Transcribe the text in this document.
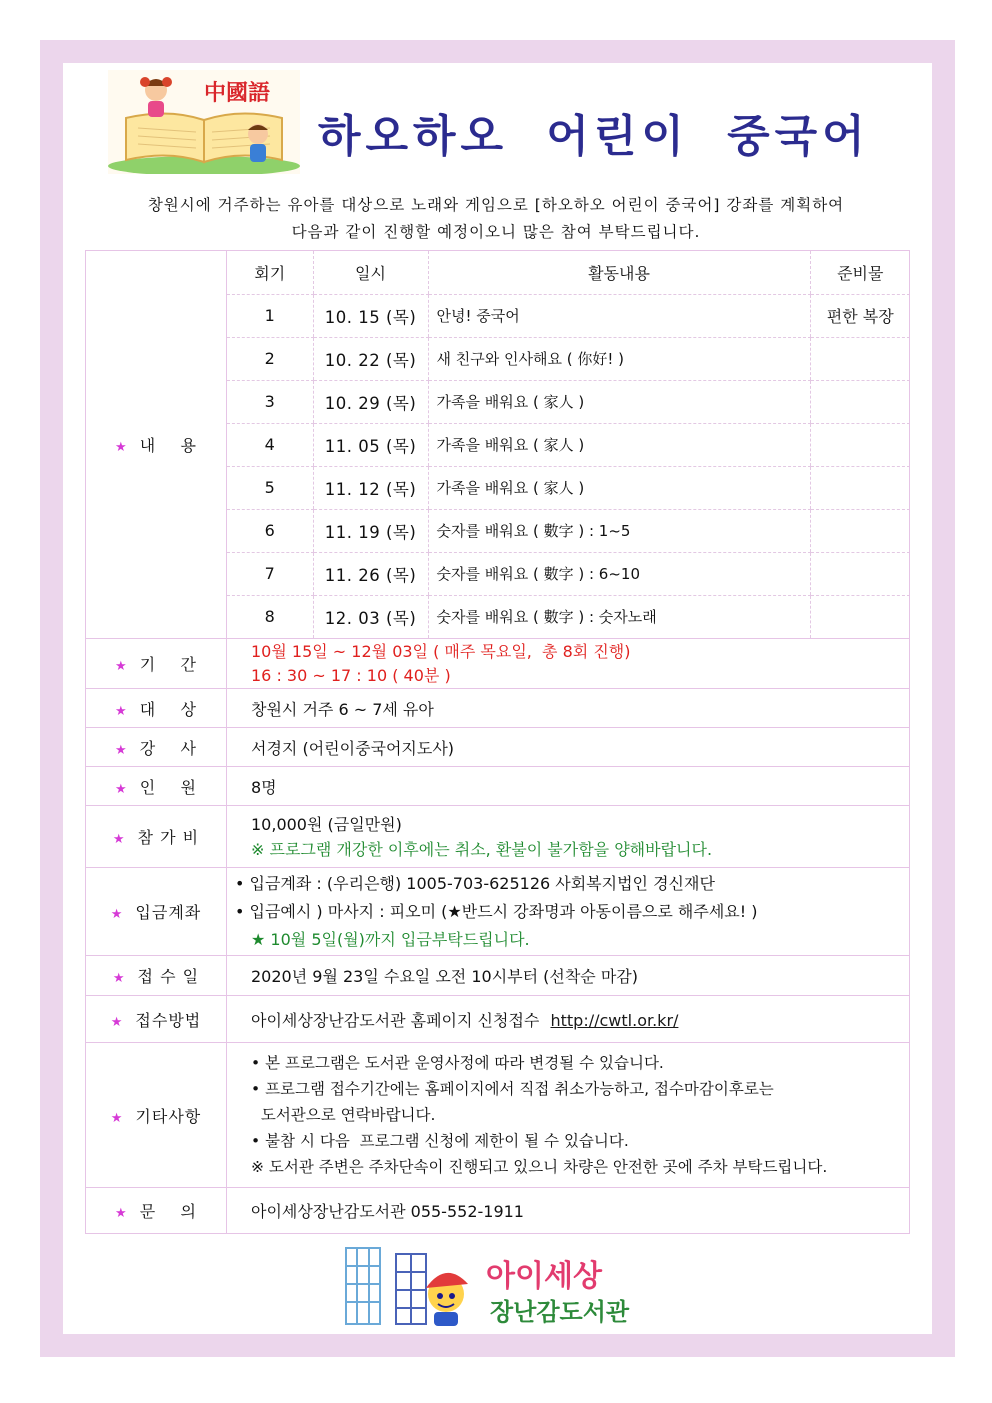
中國語
하오하오 어린이 중국어
창원시에 거주하는 유아를 대상으로 노래와 게임으로 [하오하오 어린이 중국어] 강좌를 계획하여
다음과 같이 진행할 예정이오니 많은 참여 부탁드립니다.
★ 내    용	
회기	일시	활동내용	준비물
1	10. 15 (목)	안녕! 중국어	편한 복장
2	10. 22 (목)	새 친구와 인사해요 ( 你好! )	
3	10. 29 (목)	가족을 배워요 ( 家人 )	
4	11. 05 (목)	가족을 배워요 ( 家人 )	
5	11. 12 (목)	가족을 배워요 ( 家人 )	
6	11. 19 (목)	숫자를 배워요 ( 數字 ) : 1~5	
7	11. 26 (목)	숫자를 배워요 ( 數字 ) : 6~10	
8	12. 03 (목)	숫자를 배워요 ( 數字 ) : 숫자노래	

★ 기    간	
10월 15일 ~ 12월 03일 ( 매주 목요일,  총 8회 진행)
16 : 30 ~ 17 : 10 ( 40분 )

★ 대    상	창원시 거주 6 ~ 7세 유아
★ 강    사	서경지 (어린이중국어지도사)
★ 인    원	8명
★ 참 가 비	
10,000원 (금일만원)
※ 프로그램 개강한 이후에는 취소, 환불이 불가함을 양해바랍니다.

★ 입금계좌	
• 입금계좌 : (우리은행) 1005-703-625126 사회복지법인 경신재단
• 입금예시 ) 마사지 : 피오미 (★반드시 강좌명과 아동이름으로 해주세요! )
★ 10월 5일(월)까지 입금부탁드립니다.

★ 접 수 일	2020년 9월 23일 수요일 오전 10시부터 (선착순 마감)
★ 접수방법	아이세상장난감도서관 홈페이지 신청접수 http://cwtl.or.kr/
★ 기타사항	
• 본 프로그램은 도서관 운영사정에 따라 변경될 수 있습니다.
• 프로그램 접수기간에는 홈페이지에서 직접 취소가능하고, 접수마감이후로는
도서관으로 연락바랍니다.
• 불참 시 다음  프로그램 신청에 제한이 될 수 있습니다.
※ 도서관 주변은 주차단속이 진행되고 있으니 차량은 안전한 곳에 주차 부탁드립니다.

★ 문    의	아이세상장난감도서관 055-552-1911
아이세상
장난감도서관
